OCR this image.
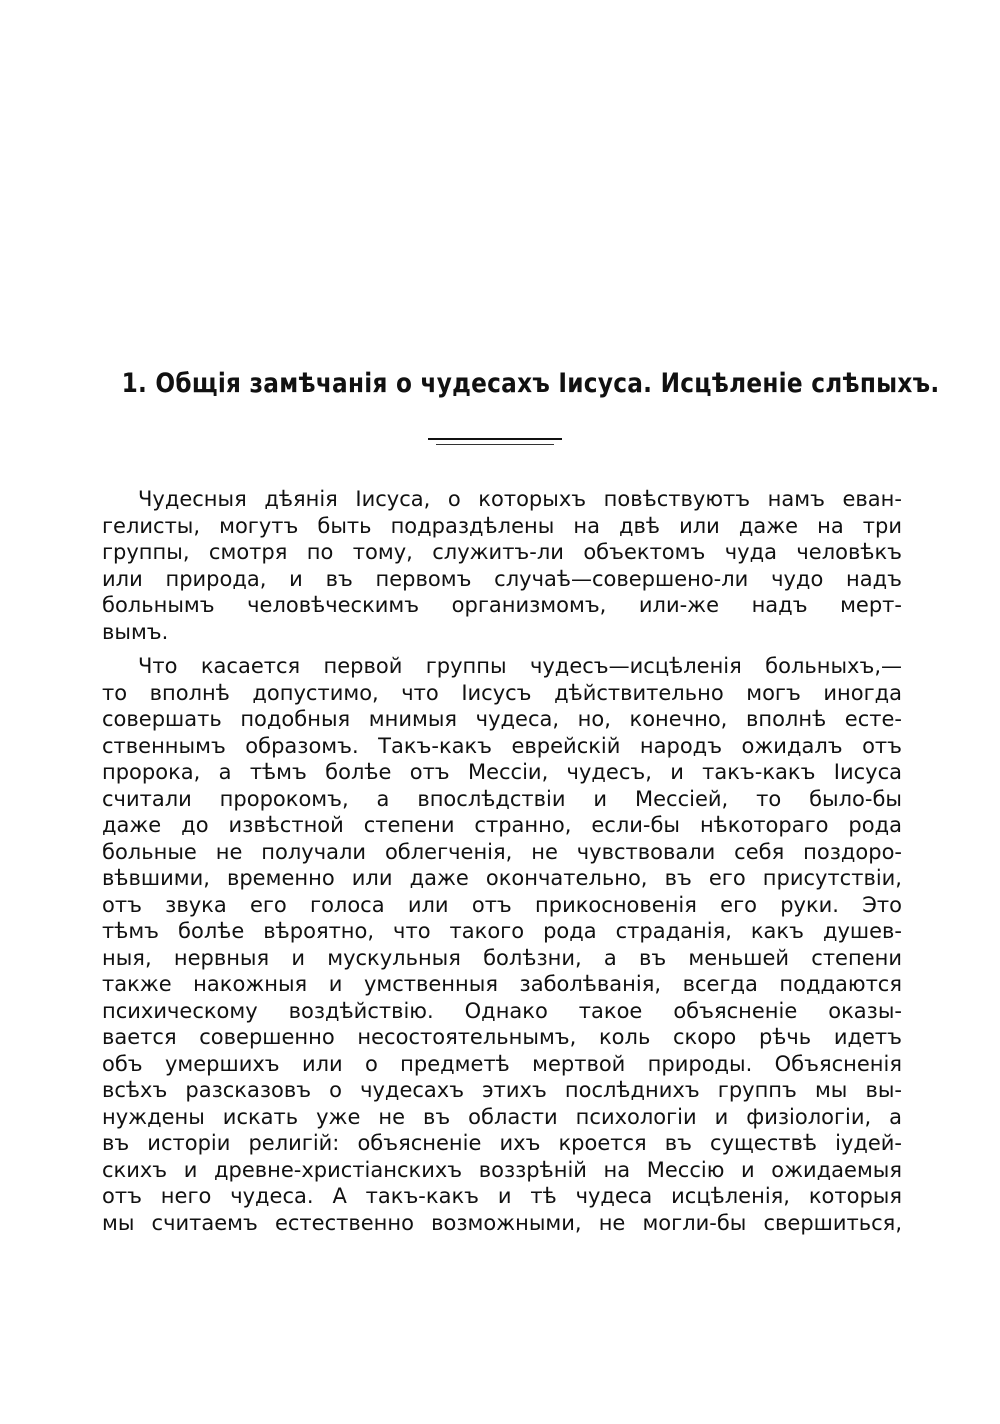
1. Общія замѣчанія о чудесахъ Іисуса. Исцѣленіе слѣпыхъ.
Чудесныя дѣянія Іисуса, о которыхъ повѣствуютъ намъ еван-
гелисты, могутъ быть подраздѣлены на двѣ или даже на три
группы, смотря по тому, служитъ-ли объектомъ чуда человѣкъ
или природа, и въ первомъ случаѣ—совершено-ли чудо надъ
больнымъ человѣческимъ организмомъ, или-же надъ мерт-
вымъ.
Что касается первой группы чудесъ—исцѣленія больныхъ,—
то вполнѣ допустимо, что Іисусъ дѣйствительно могъ иногда
совершать подобныя мнимыя чудеса, но, конечно, вполнѣ есте-
ственнымъ образомъ. Такъ-какъ еврейскій народъ ожидалъ отъ
пророка, а тѣмъ болѣе отъ Мессіи, чудесъ, и такъ-какъ Іисуса
считали пророкомъ, а впослѣдствіи и Мессіей, то было-бы
даже до извѣстной степени странно, если-бы нѣкотораго рода
больные не получали облегченія, не чувствовали себя поздоро-
вѣвшими, временно или даже окончательно, въ его присутствіи,
отъ звука его голоса или отъ прикосновенія его руки. Это
тѣмъ болѣе вѣроятно, что такого рода страданія, какъ душев-
ныя, нервныя и мускульныя болѣзни, а въ меньшей степени
также накожныя и умственныя заболѣванія, всегда поддаются
психическому воздѣйствію. Однако такое объясненіе оказы-
вается совершенно несостоятельнымъ, коль скоро рѣчь идетъ
объ умершихъ или о предметѣ мертвой природы. Объясненія
всѣхъ разсказовъ о чудесахъ этихъ послѣднихъ группъ мы вы-
нуждены искать уже не въ области психологіи и физіологіи, а
въ исторіи религій: объясненіе ихъ кроется въ существѣ іудей-
скихъ и древне-христіанскихъ воззрѣній на Мессію и ожидаемыя
отъ него чудеса. А такъ-какъ и тѣ чудеса исцѣленія, которыя
мы считаемъ естественно возможными, не могли-бы свершиться,
